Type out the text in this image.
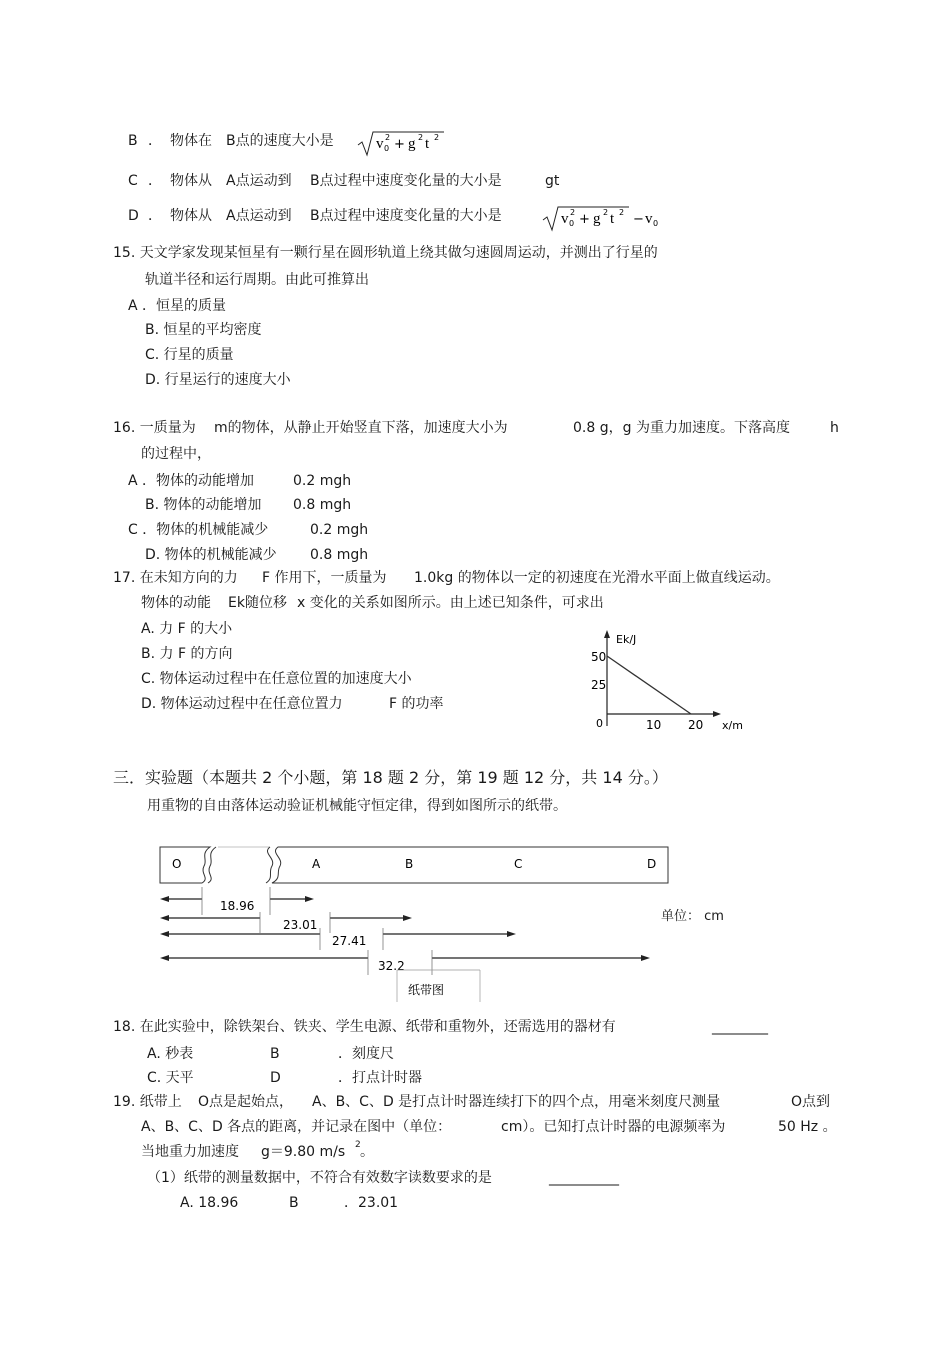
B ． 物体在 B点的速度大小是	v 0
2 + g 2 t 2
C ． 物体从 A点运动到 B点过程中速度变化量的大小是	gt
D ． 物体从 A点运动到 B点过程中速度变化量的大小是	v 0
2 + g 2 t 2 − v 0
15. 天文学家发现某恒星有一颗行星在圆形轨道上绕其做匀速圆周运动，并测出了行星的
轨道半径和运行周期。由此可推算出
A ．恒星的质量
B. 恒星的平均密度
C. 行星的质量
D. 行星运行的速度大小
16. 一质量为 m的物体，从静止开始竖直下落，加速度大小为	0.8 g，g 为重力加速度。下落高度	h
的过程中，
A ．物体的动能增加	0.2 mgh
B. 物体的动能增加 0.8 mgh
C ．物体的机械能减少	0.2 mgh
D. 物体的机械能减少 0.8 mgh
17. 在未知方向的力 F 作用下，一质量为 1.0kg 的物体以一定的初速度在光滑水平面上做直线运动。
物体的动能 Ek随位移 x 变化的关系如图所示。由上述已知条件，可求出
A. 力 F 的大小
B. 力 F 的方向
C. 物体运动过程中在任意位置的加速度大小
D. 物体运动过程中在任意位置力	F 的功率
Ek/J
x/m
0
50
25
10 20
三．实验题（本题共 2 个小题，第 18 题 2 分，第 19 题 12 分，共 14 分。）
用重物的自由落体运动验证机械能守恒定律，得到如图所示的纸带。
O	A	B	C	D
18.96
23.01
27.41
32.2
纸带图
单位： cm
18. 在此实验中，除铁架台、铁夹、学生电源、纸带和重物外，还需选用的器材有	________
A. 秒表	B	．刻度尺
C. 天平	D	．打点计时器
19. 纸带上 O点是起始点， A、B、C、D 是打点计时器连续打下的四个点，用毫米刻度尺测量	O点到
A、B、C、D 各点的距离，并记录在图中（单位：	cm）。已知打点计时器的电源频率为	50 Hz 。
当地重力加速度 g＝9.80 m/s 2 。
（1）纸带的测量数据中，不符合有效数字读数要求的是	__________
A. 18.96	B	．23.01
